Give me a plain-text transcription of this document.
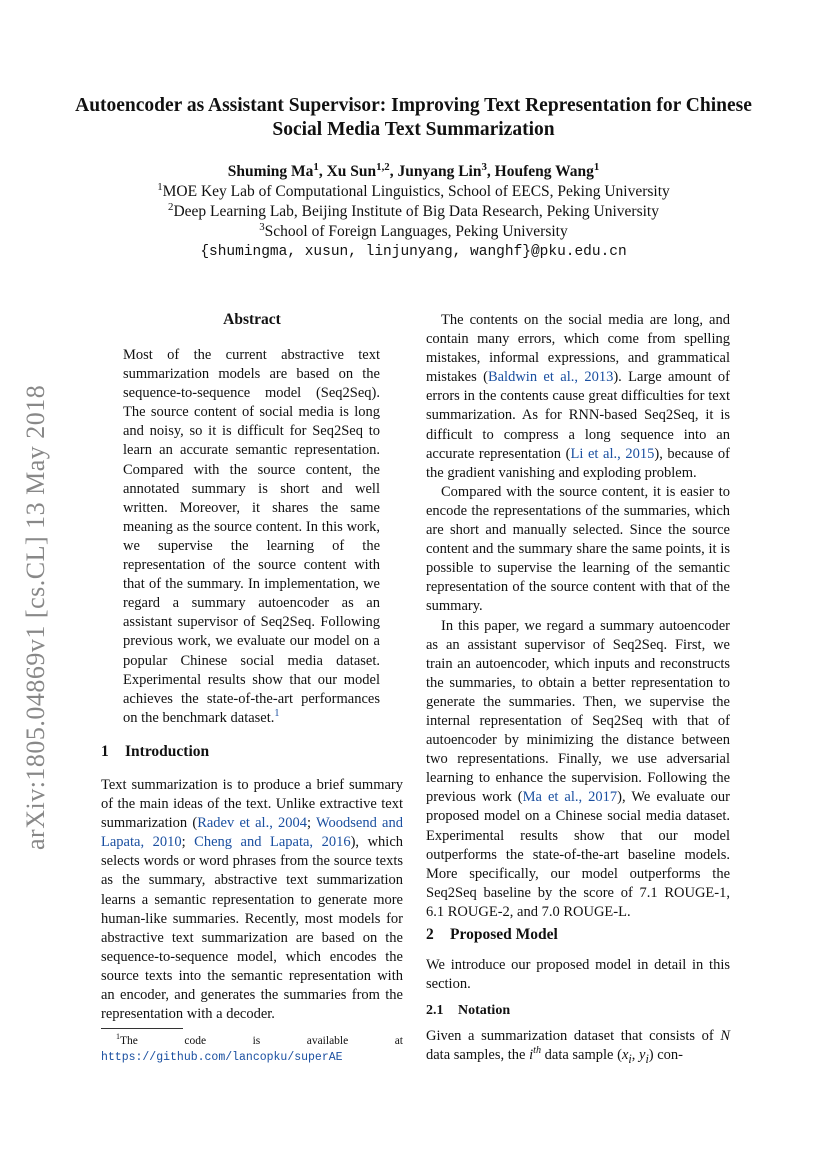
arXiv:1805.04869v1 [cs.CL] 13 May 2018
Autoencoder as Assistant Supervisor: Improving Text Representation for Chinese Social Media Text Summarization
Shuming Ma$^1$, Xu Sun$^{1,2}$, Junyang Lin$^3$, Houfeng Wang$^1$
$^1$MOE Key Lab of Computational Linguistics, School of EECS, Peking University
$^2$Deep Learning Lab, Beijing Institute of Big Data Research, Peking University
$^3$School of Foreign Languages, Peking University
{shumingma, xusun, linjunyang, wanghf}@pku.edu.cn
Abstract

Most of the current abstractive text summarization models are based on the sequence-to-sequence model (Seq2Seq). The source content of social media is long and noisy, so it is difficult for Seq2Seq to learn an accurate semantic representation. Compared with the source content, the annotated summary is short and well written. Moreover, it shares the same meaning as the source content. In this work, we supervise the learning of the representation of the source content with that of the summary. In implementation, we regard a summary autoencoder as an assistant supervisor of Seq2Seq. Following previous work, we evaluate our model on a popular Chinese social media dataset. Experimental results show that our model achieves the state-of-the-art performances on the benchmark dataset.$^1$

1 Introduction

Text summarization is to produce a brief summary of the main ideas of the text. Unlike extractive text summarization (Radev et al., 2004; Woodsend and Lapata, 2010; Cheng and Lapata, 2016), which selects words or word phrases from the source texts as the summary, abstractive text summarization learns a semantic representation to generate more human-like summaries. Recently, most models for abstractive text summarization are based on the sequence-to-sequence model, which encodes the source texts into the semantic representation with an encoder, and generates the summaries from the representation with a decoder.

$^1$The code is available at https://github.com/lancopku/superAE

The contents on the social media are long, and contain many errors, which come from spelling mistakes, informal expressions, and grammatical mistakes (Baldwin et al., 2013). Large amount of errors in the contents cause great difficulties for text summarization. As for RNN-based Seq2Seq, it is difficult to compress a long sequence into an accurate representation (Li et al., 2015), because of the gradient vanishing and exploding problem.

Compared with the source content, it is easier to encode the representations of the summaries, which are short and manually selected. Since the source content and the summary share the same points, it is possible to supervise the learning of the semantic representation of the source content with that of the summary.

In this paper, we regard a summary autoencoder as an assistant supervisor of Seq2Seq. First, we train an autoencoder, which inputs and reconstructs the summaries, to obtain a better representation to generate the summaries. Then, we supervise the internal representation of Seq2Seq with that of autoencoder by minimizing the distance between two representations. Finally, we use adversarial learning to enhance the supervision. Following the previous work (Ma et al., 2017), We evaluate our proposed model on a Chinese social media dataset. Experimental results show that our model outperforms the state-of-the-art baseline models. More specifically, our model outperforms the Seq2Seq baseline by the score of 7.1 ROUGE-1, 6.1 ROUGE-2, and 7.0 ROUGE-L.

2 Proposed Model

We introduce our proposed model in detail in this section.

2.1 Notation

Given a summarization dataset that consists of N data samples, the $i^{th}$ data sample ($x_i$, $y_i$) con-
